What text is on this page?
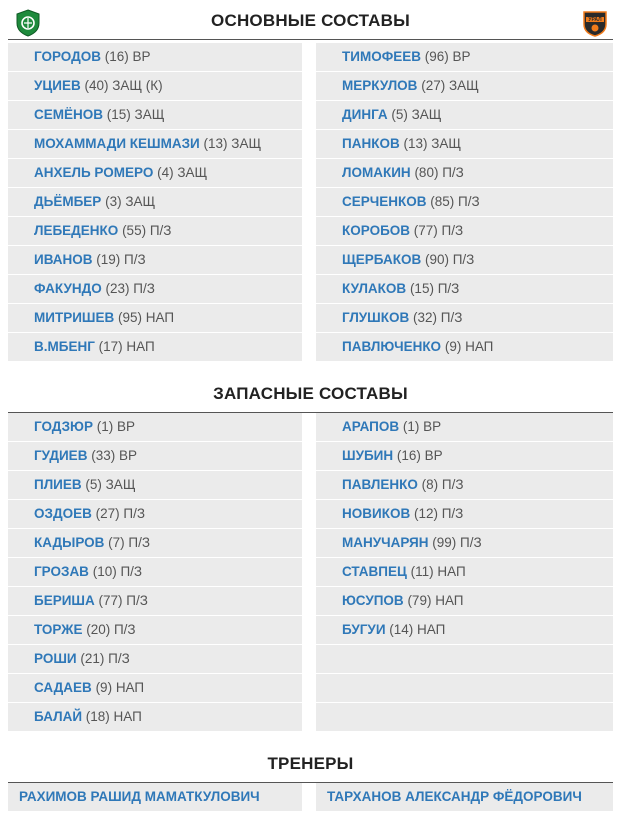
ОСНОВНЫЕ СОСТАВЫ	УРАЛ
ГОРОДОВ (16) ВР
УЦИЕВ (40) ЗАЩ (К)
СЕМЁНОВ (15) ЗАЩ
МОХАММАДИ КЕШМАЗИ (13) ЗАЩ
АНХЕЛЬ РОМЕРО (4) ЗАЩ
ДЬЁМБЕР (3) ЗАЩ
ЛЕБЕДЕНКО (55) П/З
ИВАНОВ (19) П/З
ФАКУНДО (23) П/З
МИТРИШЕВ (95) НАП
В.МБЕНГ (17) НАП
ТИМОФЕЕВ (96) ВР
МЕРКУЛОВ (27) ЗАЩ
ДИНГА (5) ЗАЩ
ПАНКОВ (13) ЗАЩ
ЛОМАКИН (80) П/З
СЕРЧЕНКОВ (85) П/З
КОРОБОВ (77) П/З
ЩЕРБАКОВ (90) П/З
КУЛАКОВ (15) П/З
ГЛУШКОВ (32) П/З
ПАВЛЮЧЕНКО (9) НАП
ЗАПАСНЫЕ СОСТАВЫ
ГОДЗЮР (1) ВР
ГУДИЕВ (33) ВР
ПЛИЕВ (5) ЗАЩ
ОЗДОЕВ (27) П/З
КАДЫРОВ (7) П/З
ГРОЗАВ (10) П/З
БЕРИША (77) П/З
ТОРЖЕ (20) П/З
РОШИ (21) П/З
САДАЕВ (9) НАП
БАЛАЙ (18) НАП
АРАПОВ (1) ВР
ШУБИН (16) ВР
ПАВЛЕНКО (8) П/З
НОВИКОВ (12) П/З
МАНУЧАРЯН (99) П/З
СТАВПЕЦ (11) НАП
ЮСУПОВ (79) НАП
БУГУИ (14) НАП
ТРЕНЕРЫ
РАХИМОВ РАШИД МАМАТКУЛОВИЧ	ТАРХАНОВ АЛЕКСАНДР ФЁДОРОВИЧ
